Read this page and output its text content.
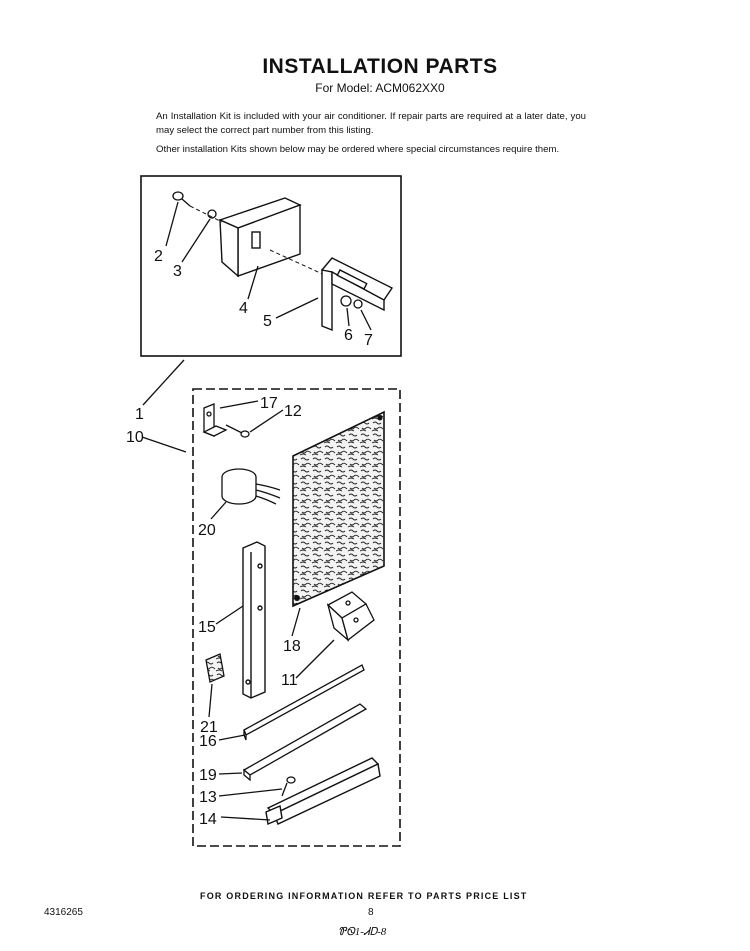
INSTALLATION PARTS
For Model: ACM062XX0
An Installation Kit is included with your air conditioner. If repair parts are required at a later date, you may select the correct part number from this listing.
Other installation Kits shown below may be ordered where special circumstances require them.
2
3
4
5
6 7
1
10
17 12
20
15
18
11
21
16
19
13
14
FOR ORDERING INFORMATION REFER TO PARTS PRICE LIST
4316265	8
ᏈᏫ1-ᏗᎠ-8
